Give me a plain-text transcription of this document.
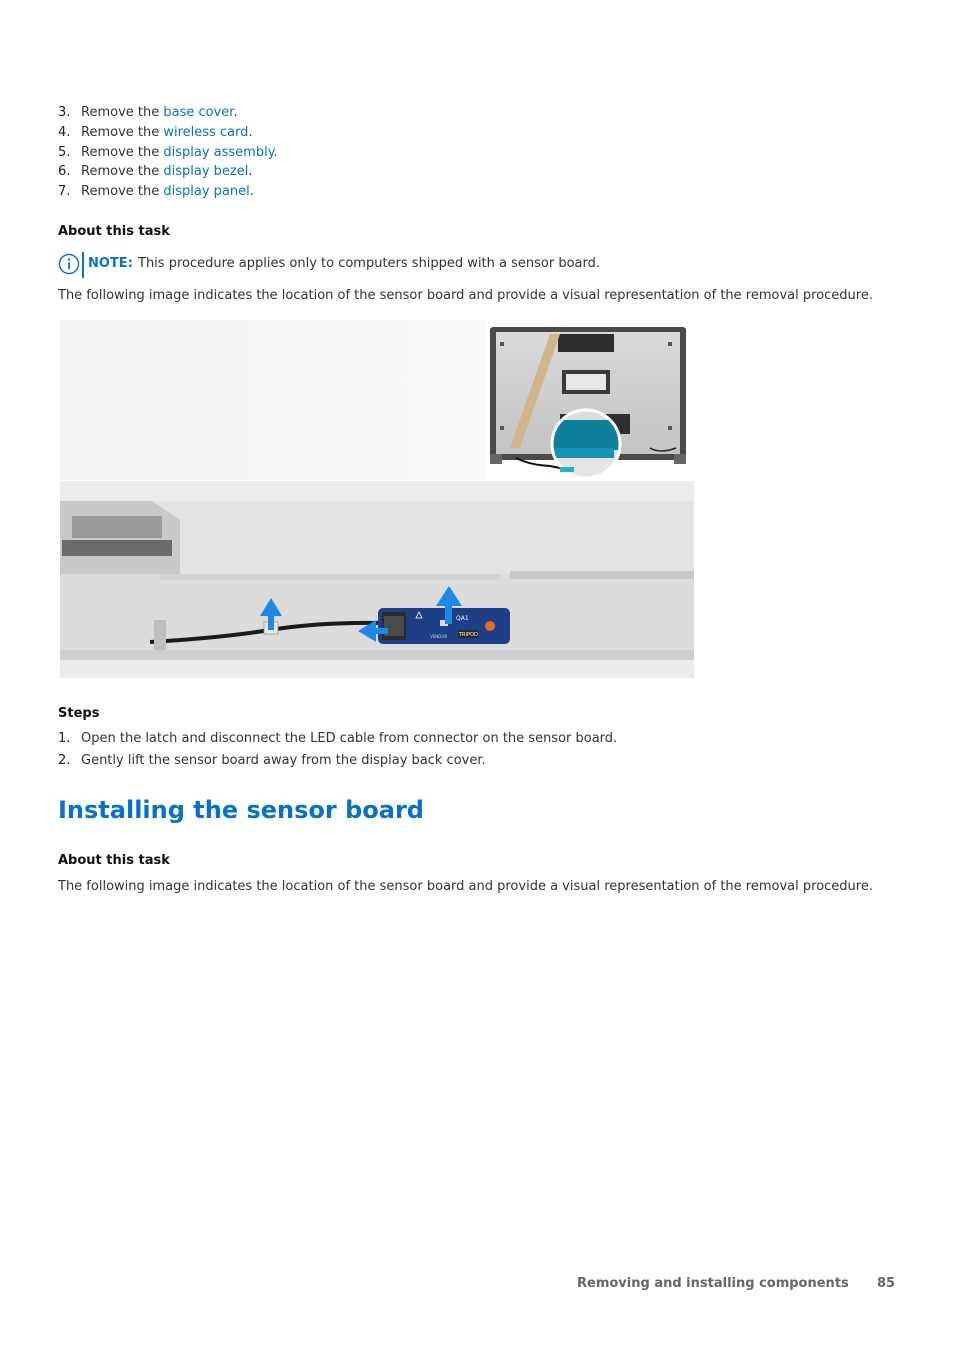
3. Remove the base cover.
4. Remove the wireless card.
5. Remove the display assembly.
6. Remove the display bezel.
7. Remove the display panel.
About this task
NOTE: This procedure applies only to computers shipped with a sensor board.
The following image indicates the location of the sensor board and provide a visual representation of the removal procedure.
TRIPOD
VENDOR
QA1
Steps
1. Open the latch and disconnect the LED cable from connector on the sensor board.
2. Gently lift the sensor board away from the display back cover.
Installing the sensor board
About this task
The following image indicates the location of the sensor board and provide a visual representation of the removal procedure.
Removing and installing components 85
